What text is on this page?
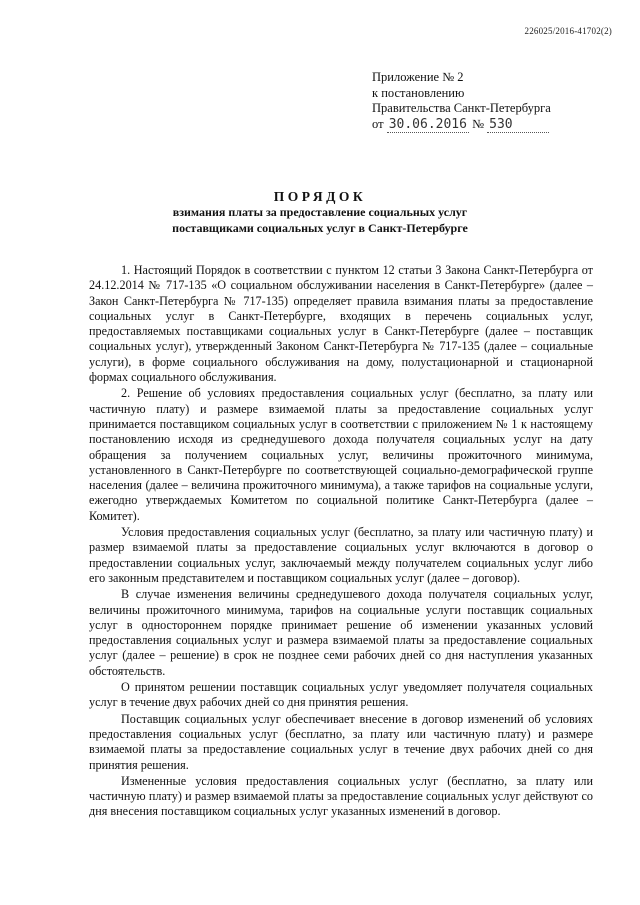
226025/2016-41702(2)
Приложение № 2
к постановлению
Правительства Санкт-Петербурга
от 30.06.2016 № 530
ПОРЯДОК
взимания платы за предоставление социальных услуг
поставщиками социальных услуг в Санкт-Петербурге

1. Настоящий Порядок в соответствии с пунктом 12 статьи 3 Закона Санкт-Петербурга от 24.12.2014 № 717-135 «О социальном обслуживании населения в Санкт-Петербурге» (далее – Закон Санкт-Петербурга № 717-135) определяет правила взимания платы за предоставление социальных услуг в Санкт-Петербурге, входящих в перечень социальных услуг, предоставляемых поставщиками социальных услуг в Санкт-Петербурге (далее – поставщик социальных услуг), утвержденный Законом Санкт-Петербурга № 717-135 (далее – социальные услуги), в форме социального обслуживания на дому, полустационарной и стационарной формах социального обслуживания.

2. Решение об условиях предоставления социальных услуг (бесплатно, за плату или частичную плату) и размере взимаемой платы за предоставление социальных услуг принимается поставщиком социальных услуг в соответствии с приложением № 1 к настоящему постановлению исходя из среднедушевого дохода получателя социальных услуг на дату обращения за получением социальных услуг, величины прожиточного минимума, установленного в Санкт-Петербурге по соответствующей социально-демографической группе населения (далее – величина прожиточного минимума), а также тарифов на социальные услуги, ежегодно утверждаемых Комитетом по социальной политике Санкт-Петербурга (далее – Комитет).

Условия предоставления социальных услуг (бесплатно, за плату или частичную плату) и размер взимаемой платы за предоставление социальных услуг включаются в договор о предоставлении социальных услуг, заключаемый между получателем социальных услуг либо его законным представителем и поставщиком социальных услуг (далее – договор).

В случае изменения величины среднедушевого дохода получателя социальных услуг, величины прожиточного минимума, тарифов на социальные услуги поставщик социальных услуг в одностороннем порядке принимает решение об изменении указанных условий предоставления социальных услуг и размера взимаемой платы за предоставление социальных услуг (далее – решение) в срок не позднее семи рабочих дней со дня наступления указанных обстоятельств.

О принятом решении поставщик социальных услуг уведомляет получателя социальных услуг в течение двух рабочих дней со дня принятия решения.

Поставщик социальных услуг обеспечивает внесение в договор изменений об условиях предоставления социальных услуг (бесплатно, за плату или частичную плату) и размере взимаемой платы за предоставление социальных услуг в течение двух рабочих дней со дня принятия решения.

Измененные условия предоставления социальных услуг (бесплатно, за плату или частичную плату) и размер взимаемой платы за предоставление социальных услуг действуют со дня внесения поставщиком социальных услуг указанных изменений в договор.
